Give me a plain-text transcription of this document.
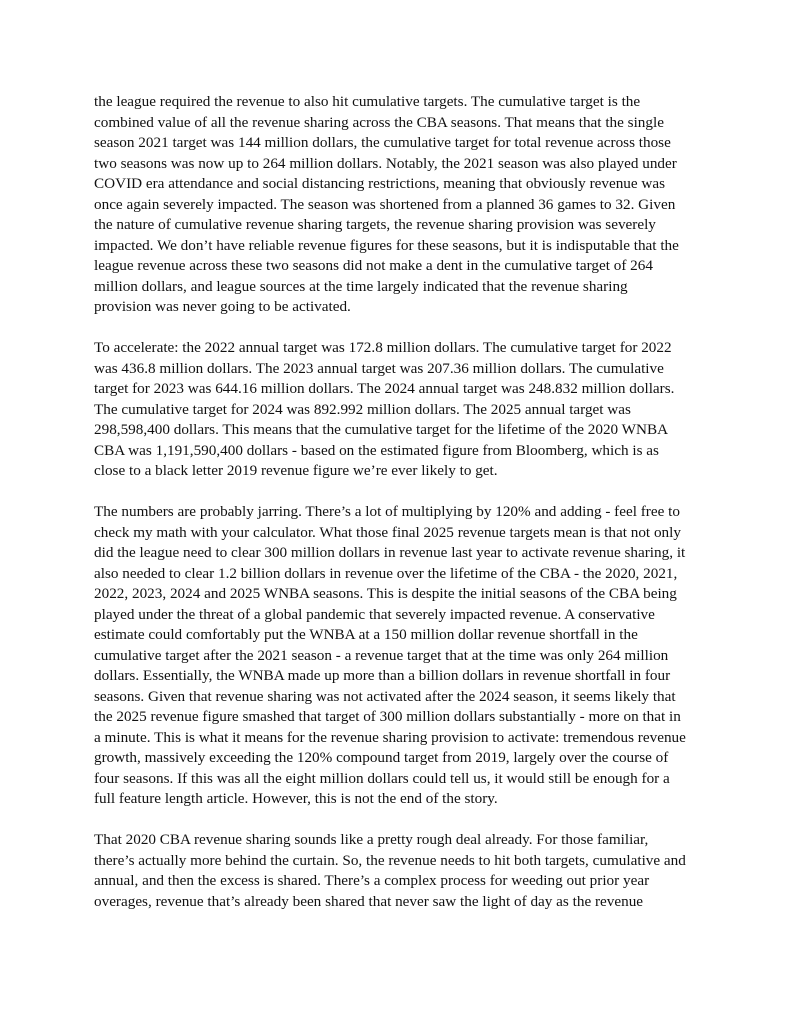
the league required the revenue to also hit cumulative targets. The cumulative target is the
combined value of all the revenue sharing across the CBA seasons. That means that the single
season 2021 target was 144 million dollars, the cumulative target for total revenue across those
two seasons was now up to 264 million dollars. Notably, the 2021 season was also played under
COVID era attendance and social distancing restrictions, meaning that obviously revenue was
once again severely impacted. The season was shortened from a planned 36 games to 32. Given
the nature of cumulative revenue sharing targets, the revenue sharing provision was severely
impacted. We don’t have reliable revenue figures for these seasons, but it is indisputable that the
league revenue across these two seasons did not make a dent in the cumulative target of 264
million dollars, and league sources at the time largely indicated that the revenue sharing
provision was never going to be activated.

To accelerate: the 2022 annual target was 172.8 million dollars. The cumulative target for 2022
was 436.8 million dollars. The 2023 annual target was 207.36 million dollars. The cumulative
target for 2023 was 644.16 million dollars. The 2024 annual target was 248.832 million dollars.
The cumulative target for 2024 was 892.992 million dollars. The 2025 annual target was
298,598,400 dollars. This means that the cumulative target for the lifetime of the 2020 WNBA
CBA was 1,191,590,400 dollars - based on the estimated figure from Bloomberg, which is as
close to a black letter 2019 revenue figure we’re ever likely to get.

The numbers are probably jarring. There’s a lot of multiplying by 120% and adding - feel free to
check my math with your calculator. What those final 2025 revenue targets mean is that not only
did the league need to clear 300 million dollars in revenue last year to activate revenue sharing, it
also needed to clear 1.2 billion dollars in revenue over the lifetime of the CBA - the 2020, 2021,
2022, 2023, 2024 and 2025 WNBA seasons. This is despite the initial seasons of the CBA being
played under the threat of a global pandemic that severely impacted revenue. A conservative
estimate could comfortably put the WNBA at a 150 million dollar revenue shortfall in the
cumulative target after the 2021 season - a revenue target that at the time was only 264 million
dollars. Essentially, the WNBA made up more than a billion dollars in revenue shortfall in four
seasons. Given that revenue sharing was not activated after the 2024 season, it seems likely that
the 2025 revenue figure smashed that target of 300 million dollars substantially - more on that in
a minute. This is what it means for the revenue sharing provision to activate: tremendous revenue
growth, massively exceeding the 120% compound target from 2019, largely over the course of
four seasons. If this was all the eight million dollars could tell us, it would still be enough for a
full feature length article. However, this is not the end of the story.

That 2020 CBA revenue sharing sounds like a pretty rough deal already. For those familiar,
there’s actually more behind the curtain. So, the revenue needs to hit both targets, cumulative and
annual, and then the excess is shared. There’s a complex process for weeding out prior year
overages, revenue that’s already been shared that never saw the light of day as the revenue
